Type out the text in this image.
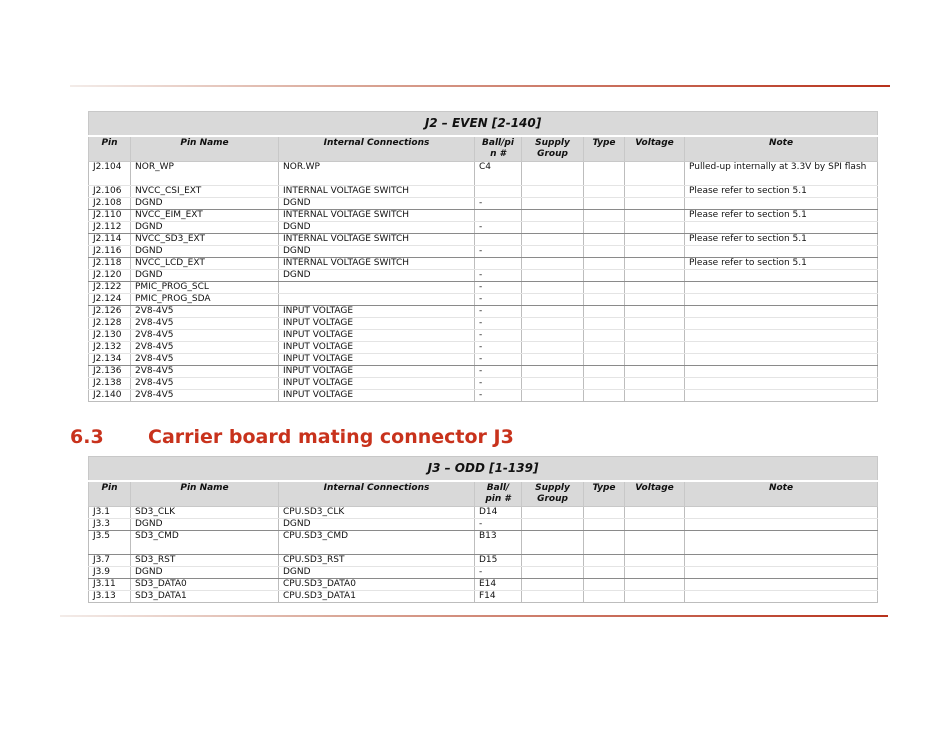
J2 – EVEN [2-140]							
Pin	Pin Name	Internal Connections	Ball/pi n #	Supply Group	Type	Voltage	Note
J2.104	NOR_WP	NOR.WP	C4				Pulled-up internally at 3.3V by SPI flash
J2.106	NVCC_CSI_EXT	INTERNAL VOLTAGE SWITCH					Please refer to section 5.1
J2.108	DGND	DGND	-				
J2.110	NVCC_EIM_EXT	INTERNAL VOLTAGE SWITCH					Please refer to section 5.1
J2.112	DGND	DGND	-				
J2.114	NVCC_SD3_EXT	INTERNAL VOLTAGE SWITCH					Please refer to section 5.1
J2.116	DGND	DGND	-				
J2.118	NVCC_LCD_EXT	INTERNAL VOLTAGE SWITCH					Please refer to section 5.1
J2.120	DGND	DGND	-				
J2.122	PMIC_PROG_SCL		-				
J2.124	PMIC_PROG_SDA		-				
J2.126	2V8-4V5	INPUT VOLTAGE	-				
J2.128	2V8-4V5	INPUT VOLTAGE	-				
J2.130	2V8-4V5	INPUT VOLTAGE	-				
J2.132	2V8-4V5	INPUT VOLTAGE	-				
J2.134	2V8-4V5	INPUT VOLTAGE	-				
J2.136	2V8-4V5	INPUT VOLTAGE	-				
J2.138	2V8-4V5	INPUT VOLTAGE	-				
J2.140	2V8-4V5	INPUT VOLTAGE	-				
6.3 Carrier board mating connector J3
J3 – ODD [1-139]							
Pin	Pin Name	Internal Connections	Ball/ pin #	Supply Group	Type	Voltage	Note
J3.1	SD3_CLK	CPU.SD3_CLK	D14				
J3.3	DGND	DGND	-				
J3.5	SD3_CMD	CPU.SD3_CMD	B13				
J3.7	SD3_RST	CPU.SD3_RST	D15				
J3.9	DGND	DGND	-				
J3.11	SD3_DATA0	CPU.SD3_DATA0	E14				
J3.13	SD3_DATA1	CPU.SD3_DATA1	F14				
